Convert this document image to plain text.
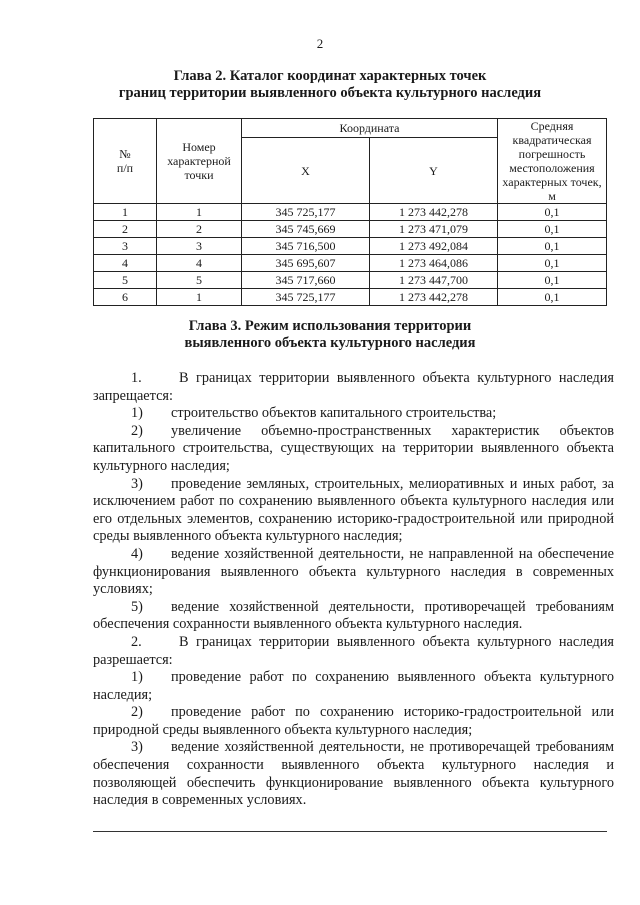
2
Глава 2. Каталог координат характерных точек
границ территории выявленного объекта культурного наследия
№
п/п	Номер
характерной
точки	Координата		Средняя
квадратическая
погрешность
местоположения
характерных точек, м
		X	Y	
1	1	345 725,177	1 273 442,278	0,1
2	2	345 745,669	1 273 471,079	0,1
3	3	345 716,500	1 273 492,084	0,1
4	4	345 695,607	1 273 464,086	0,1
5	5	345 717,660	1 273 447,700	0,1
6	1	345 725,177	1 273 442,278	0,1
Глава 3. Режим использования территории
выявленного объекта культурного наследия

1.	В границах территории выявленного объекта культурного наследия запрещается:

1) строительство объектов капитального строительства;

2) увеличение объемно-пространственных характеристик объектов капитального строительства, существующих на территории выявленного объекта культурного наследия;

3) проведение земляных, строительных, мелиоративных и иных работ, за исключением работ по сохранению выявленного объекта культурного наследия или его отдельных элементов, сохранению историко-градостроительной или природной среды выявленного объекта культурного наследия;

4) ведение хозяйственной деятельности, не направленной на обеспечение функционирования выявленного объекта культурного наследия в современных условиях;

5) ведение хозяйственной деятельности, противоречащей требованиям обеспечения сохранности выявленного объекта культурного наследия.

2.	В границах территории выявленного объекта культурного наследия разрешается:

1) проведение работ по сохранению выявленного объекта культурного наследия;

2) проведение работ по сохранению историко-градостроительной или природной среды выявленного объекта культурного наследия;

3) ведение хозяйственной деятельности, не противоречащей требованиям обеспечения сохранности выявленного объекта культурного наследия и позволяющей обеспечить функционирование выявленного объекта культурного наследия в современных условиях.
